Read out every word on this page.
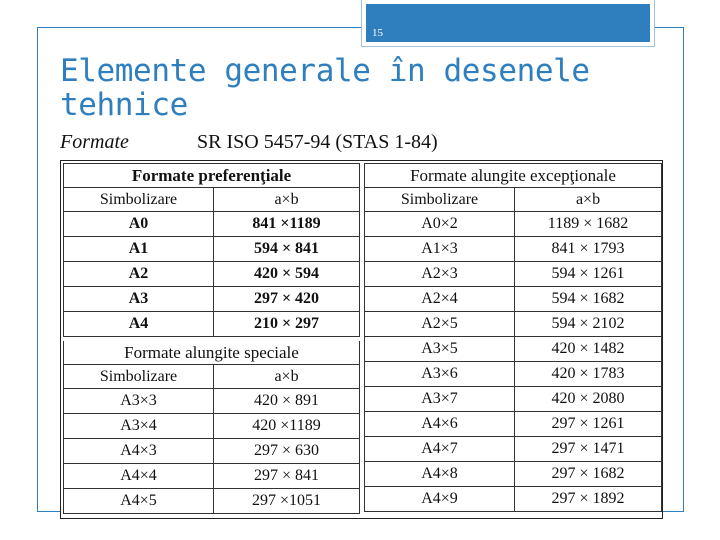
15
Elemente generale în desenele tehnice
Formate	SR ISO 5457-94 (STAS 1-84)
Formate preferenţiale	
Simbolizare	a×b
A0	841 ×1189
A1	594 × 841
A2	420 × 594
A3	297 × 420
A4	210 × 297
Formate alungite speciale	
Simbolizare	a×b
A3×3	420 × 891
A3×4	420 ×1189
A4×3	297 × 630
A4×4	297 × 841
A4×5	297 ×1051
Formate alungite excepţionale	
Simbolizare	a×b
A0×2	1189 × 1682
A1×3	841 × 1793
A2×3	594 × 1261
A2×4	594 × 1682
A2×5	594 × 2102
A3×5	420 × 1482
A3×6	420 × 1783
A3×7	420 × 2080
A4×6	297 × 1261
A4×7	297 × 1471
A4×8	297 × 1682
A4×9	297 × 1892
